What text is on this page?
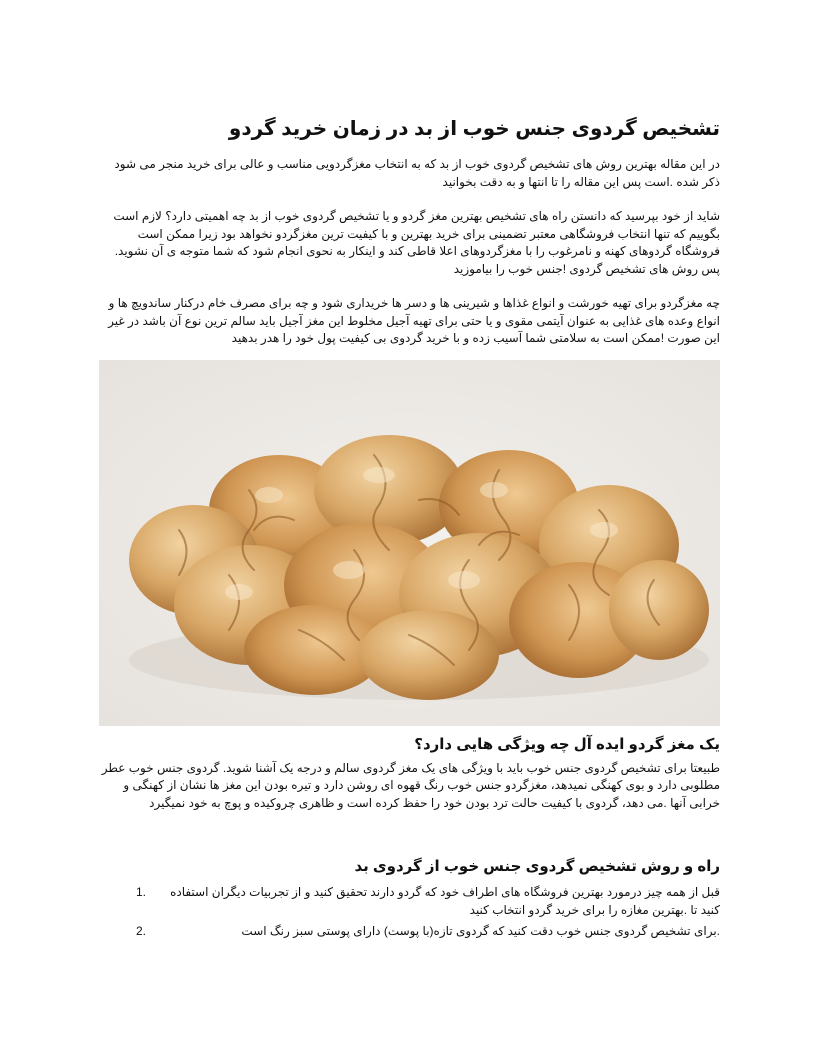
تشخیص گردوی جنس خوب از بد در زمان خرید گردو

در این مقاله بهترین روش های تشخیص گردوی خوب از بد که به انتخاب مغزگردویی مناسب و عالی برای خرید منجر می شود ذکر شده .است پس این مقاله را تا انتها و به دقت بخوانید

شاید از خود بپرسید که دانستن راه های تشخیص بهترین مغز گردو و یا تشخیص گردوی خوب از بد چه اهمیتی دارد؟ لازم است بگوییم که تنها انتخاب فروشگاهی معتبر تضمینی برای خرید بهترین و با کیفیت ترین مغزگردو نخواهد بود زیرا ممکن است فروشگاه گردوهای کهنه و نامرغوب را با مغزگردوهای اعلا قاطی کند و اینکار به نحوی انجام شود که شما متوجه ی آن نشوید. پس روش های تشخیص گردوی !جنس خوب را بیاموزید

چه مغزگردو برای تهیه خورشت و انواع غذاها و شیرینی ها و دسر ها خریداری شود و چه برای مصرف خام درکنار ساندویچ ها و انواع وعده های غذایی به عنوان آیتمی مقوی و یا حتی برای تهیه آجیل مخلوط این مغز آجیل باید سالم ترین نوع آن باشد در غیر این صورت !ممکن است به سلامتی شما آسیب زده و با خرید گردوی بی کیفیت پول خود را هدر بدهید

یک مغز گردو ایده آل چه ویژگی هایی دارد؟

طبیعتا برای تشخیص گردوی جنس خوب باید با ویژگی های یک مغز گردوی سالم و درجه یک آشنا شوید. گردوی جنس خوب عطر مطلوبی دارد و بوی کهنگی نمیدهد، مغزگردو جنس خوب رنگ قهوه ای روشن دارد و تیره بودن این مغز ها نشان از کهنگی و خرابی آنها .می دهد، گردوی با کیفیت حالت ترد بودن خود را حفظ کرده است و ظاهری چروکیده و پوچ به خود نمیگیرد

راه و روش تشخیص گردوی جنس خوب از گردوی بد
1.	قبل از همه چیز درمورد بهترین فروشگاه های اطراف خود که گردو دارند تحقیق کنید و از تجربیات دیگران استفاده کنید تا .بهترین مغازه را برای خرید گردو انتخاب کنید
2.	.برای تشخیص گردوی جنس خوب دقت کنید که گردوی تازه(با پوست) دارای پوستی سبز رنگ است
